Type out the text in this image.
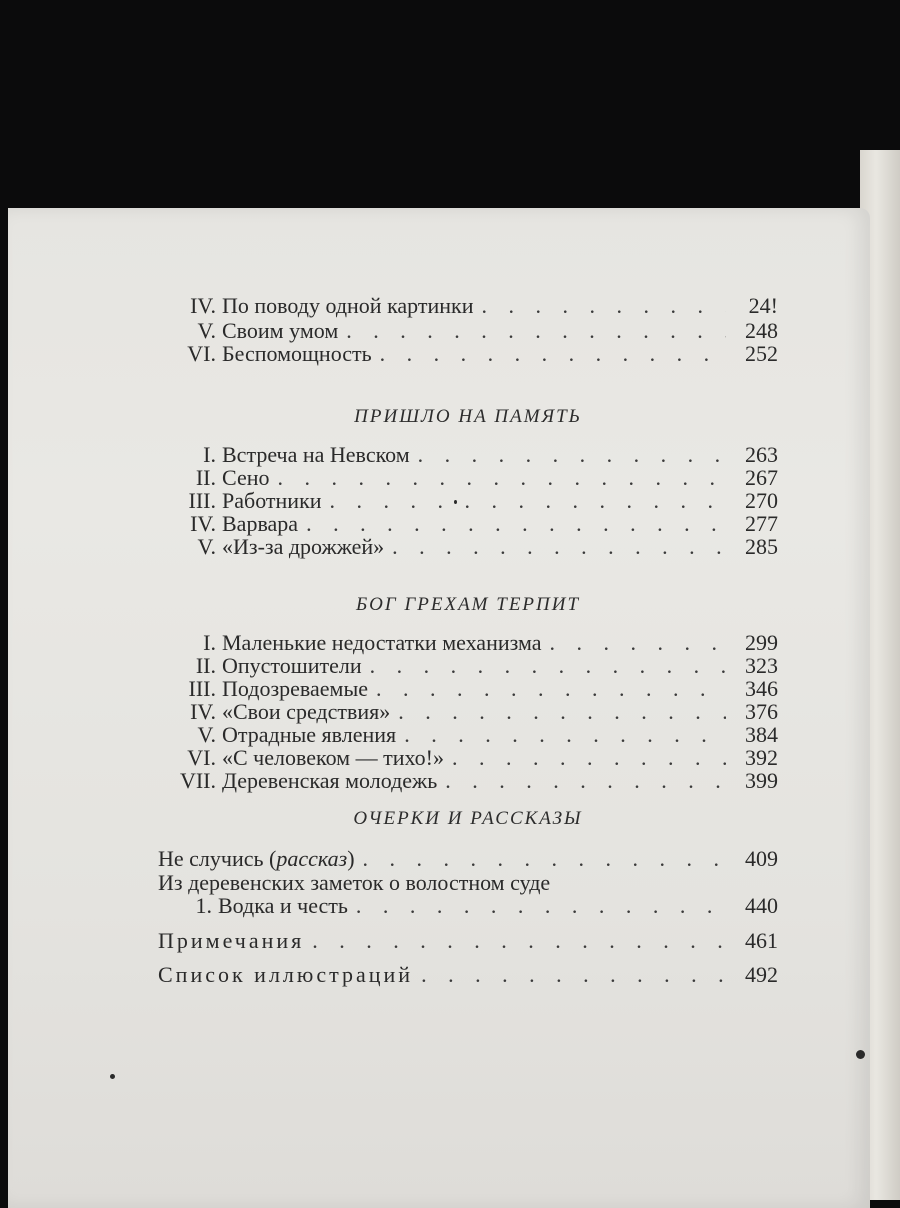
IV. По поводу одной картинки . . .	24!
V. Своим умом . . .	248
VI. Беспомощность . . .	252
ПРИШЛО НА ПАМЯТЬ
I. Встреча на Невском . . .	263
II. Сено . . .	267
III. Работники . . .	270
IV. Варвара . . .	277
V. «Из-за дрожжей» . . .	285
БОГ ГРЕХАМ ТЕРПИТ
I. Маленькие недостатки механизма . . .	299
II. Опустошители . . .	323
III. Подозреваемые . . .	346
IV. «Свои средствия» . . .	376
V. Отрадные явления . . .	384
VI. «С человеком — тихо!» . . .	392
VII. Деревенская молодежь . . .	399
ОЧЕРКИ И РАССКАЗЫ
Не случись (рассказ) . . .	409
Из деревенских заметок о волостном суде
1. Водка и честь . . .	440
Примечания . . .	461
Список иллюстраций . . .	492
